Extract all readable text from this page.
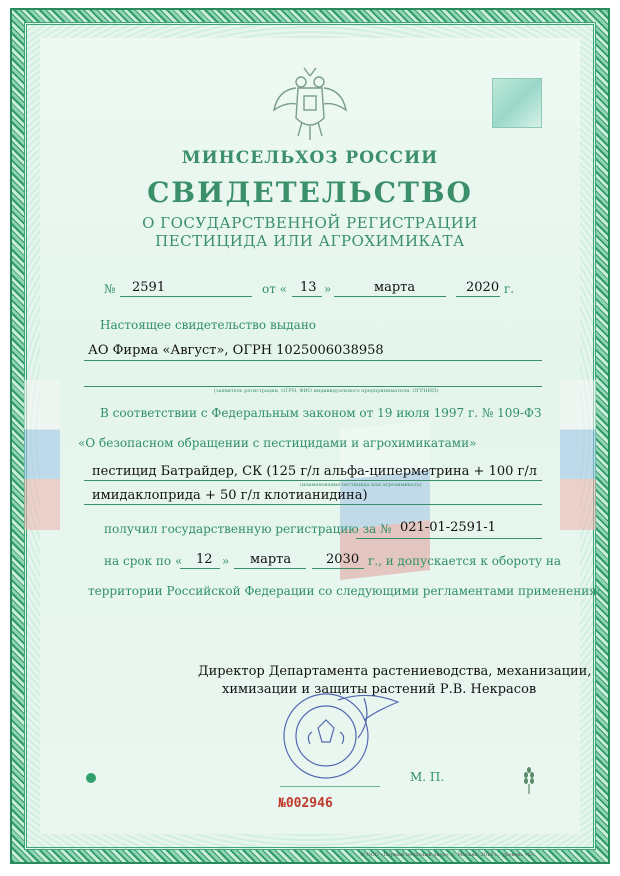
МИНСЕЛЬХОЗ РОССИИ
СВИДЕТЕЛЬСТВО
О ГОСУДАРСТВЕННОЙ РЕГИСТРАЦИИ
ПЕСТИЦИДА ИЛИ АГРОХИМИКАТА
№ 2591	от « 13 »	марта	2020 г.
Настоящее свидетельство выдано
АО Фирма «Август», ОГРН 1025006038958
(заявитель регистрации, ОГРН, ФИО индивидуального предпринимателя, ОГРНИП)
В соответствии с Федеральным законом от 19 июля 1997 г. № 109-ФЗ
«О безопасном обращении с пестицидами и агрохимикатами»
пестицид Батрайдер, СК (125 г/л альфа-циперметрина + 100 г/л
(наименование пестицида или агрохимиката)
имидаклоприда + 50 г/л клотианидина)
получил государственную регистрацию за № 021-01-2591-1
на срок по « 12 » марта	2030 г., и допускается к обороту на
территории Российской Федерации со следующими регламентами применения:
Директор Департамента растениеводства, механизации,
химизации и защиты растений Р.В. Некрасов
М. П.
№002946
© ООО «Первый печатный двор», г. Москва, 2018 г., уровень «Б»
